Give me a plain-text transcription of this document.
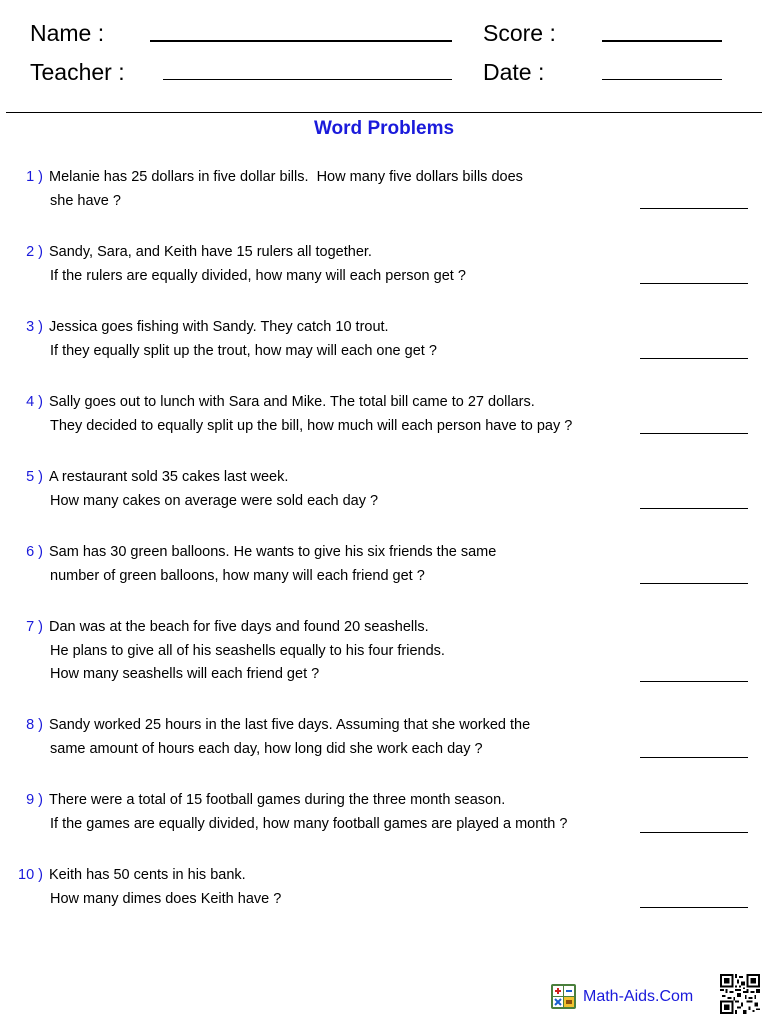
Name :	Score :
Teacher :	Date :
Word Problems
1 ) Melanie has 25 dollars in five dollar bills.  How many five dollars bills does
she have ?
2 ) Sandy, Sara, and Keith have 15 rulers all together.
If the rulers are equally divided, how many will each person get ?
3 ) Jessica goes fishing with Sandy. They catch 10 trout.
If they equally split up the trout, how may will each one get ?
4 ) Sally goes out to lunch with Sara and Mike. The total bill came to 27 dollars.
They decided to equally split up the bill, how much will each person have to pay ?
5 ) A restaurant sold 35 cakes last week.
How many cakes on average were sold each day ?
6 ) Sam has 30 green balloons. He wants to give his six friends the same
number of green balloons, how many will each friend get ?
7 ) Dan was at the beach for five days and found 20 seashells.
He plans to give all of his seashells equally to his four friends.
How many seashells will each friend get ?
8 ) Sandy worked 25 hours in the last five days. Assuming that she worked the
same amount of hours each day, how long did she work each day ?
9 ) There were a total of 15 football games during the three month season.
If the games are equally divided, how many football games are played a month ?
10 ) Keith has 50 cents in his bank.
How many dimes does Keith have ?
Math-Aids.Com
